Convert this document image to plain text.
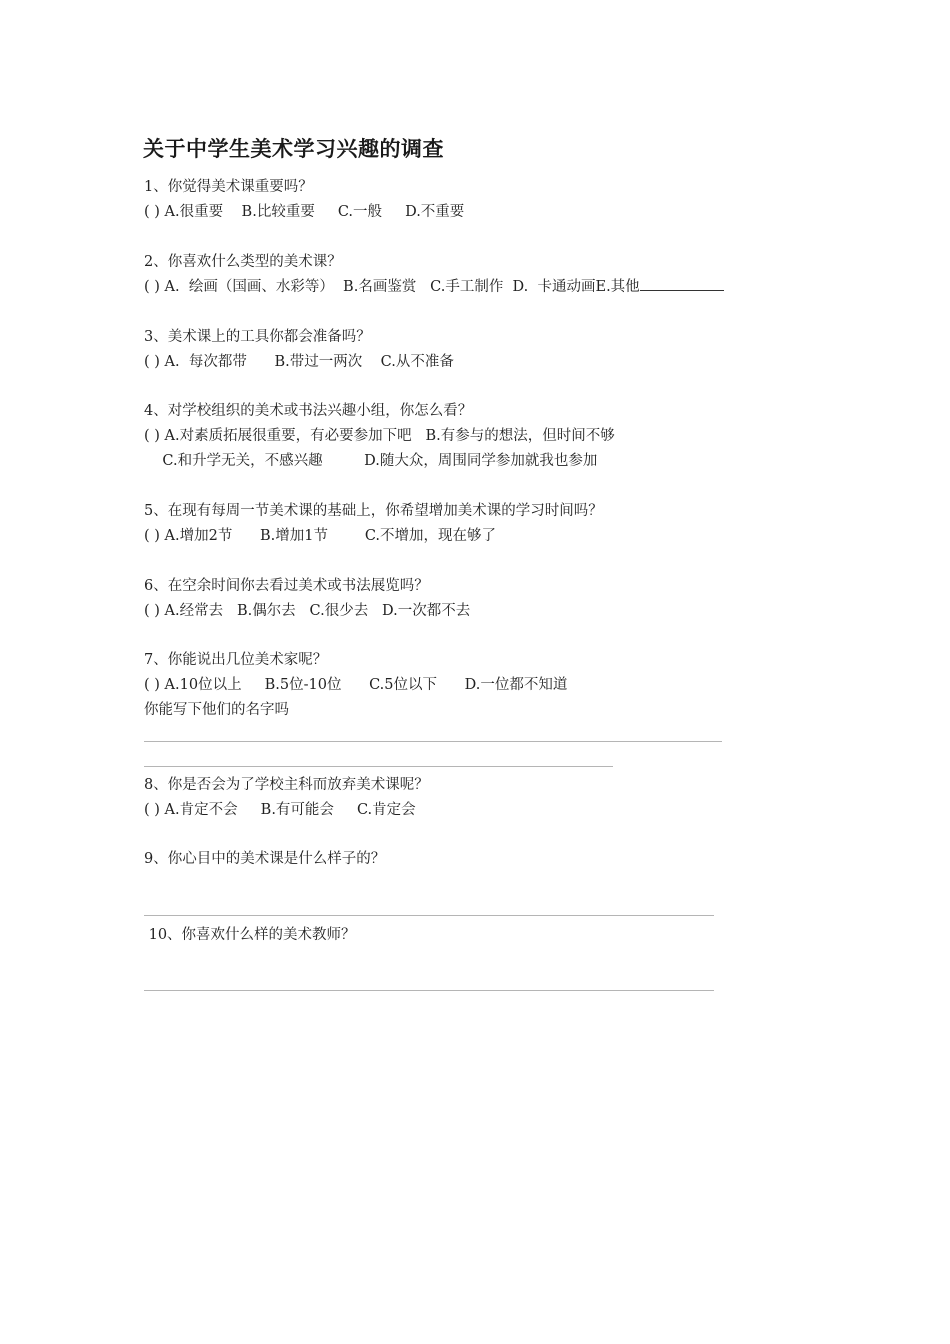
关于中学生美术学习兴趣的调查
1、你觉得美术课重要吗？
( ) A.很重要    B.比较重要     C.一般     D.不重要
2、你喜欢什么类型的美术课？
( ) A.  绘画（国画、水彩等）  B.名画鉴赏   C.手工制作  D.  卡通动画E.其他
3、美术课上的工具你都会准备吗？
( ) A.  每次都带      B.带过一两次    C.从不准备
4、对学校组织的美术或书法兴趣小组，你怎么看？
( ) A.对素质拓展很重要，有必要参加下吧   B.有参与的想法，但时间不够
C.和升学无关，不感兴趣         D.随大众，周围同学参加就我也参加
5、在现有每周一节美术课的基础上，你希望增加美术课的学习时间吗？
( ) A.增加2节      B.增加1节        C.不增加，现在够了
6、在空余时间你去看过美术或书法展览吗？
( ) A.经常去   B.偶尔去   C.很少去   D.一次都不去
7、你能说出几位美术家呢？
( ) A.10位以上     B.5位-10位      C.5位以下      D.一位都不知道
你能写下他们的名字吗
8、你是否会为了学校主科而放弃美术课呢？
( ) A.肯定不会     B.有可能会     C.肯定会
9、你心目中的美术课是什么样子的？
10、你喜欢什么样的美术教师？
